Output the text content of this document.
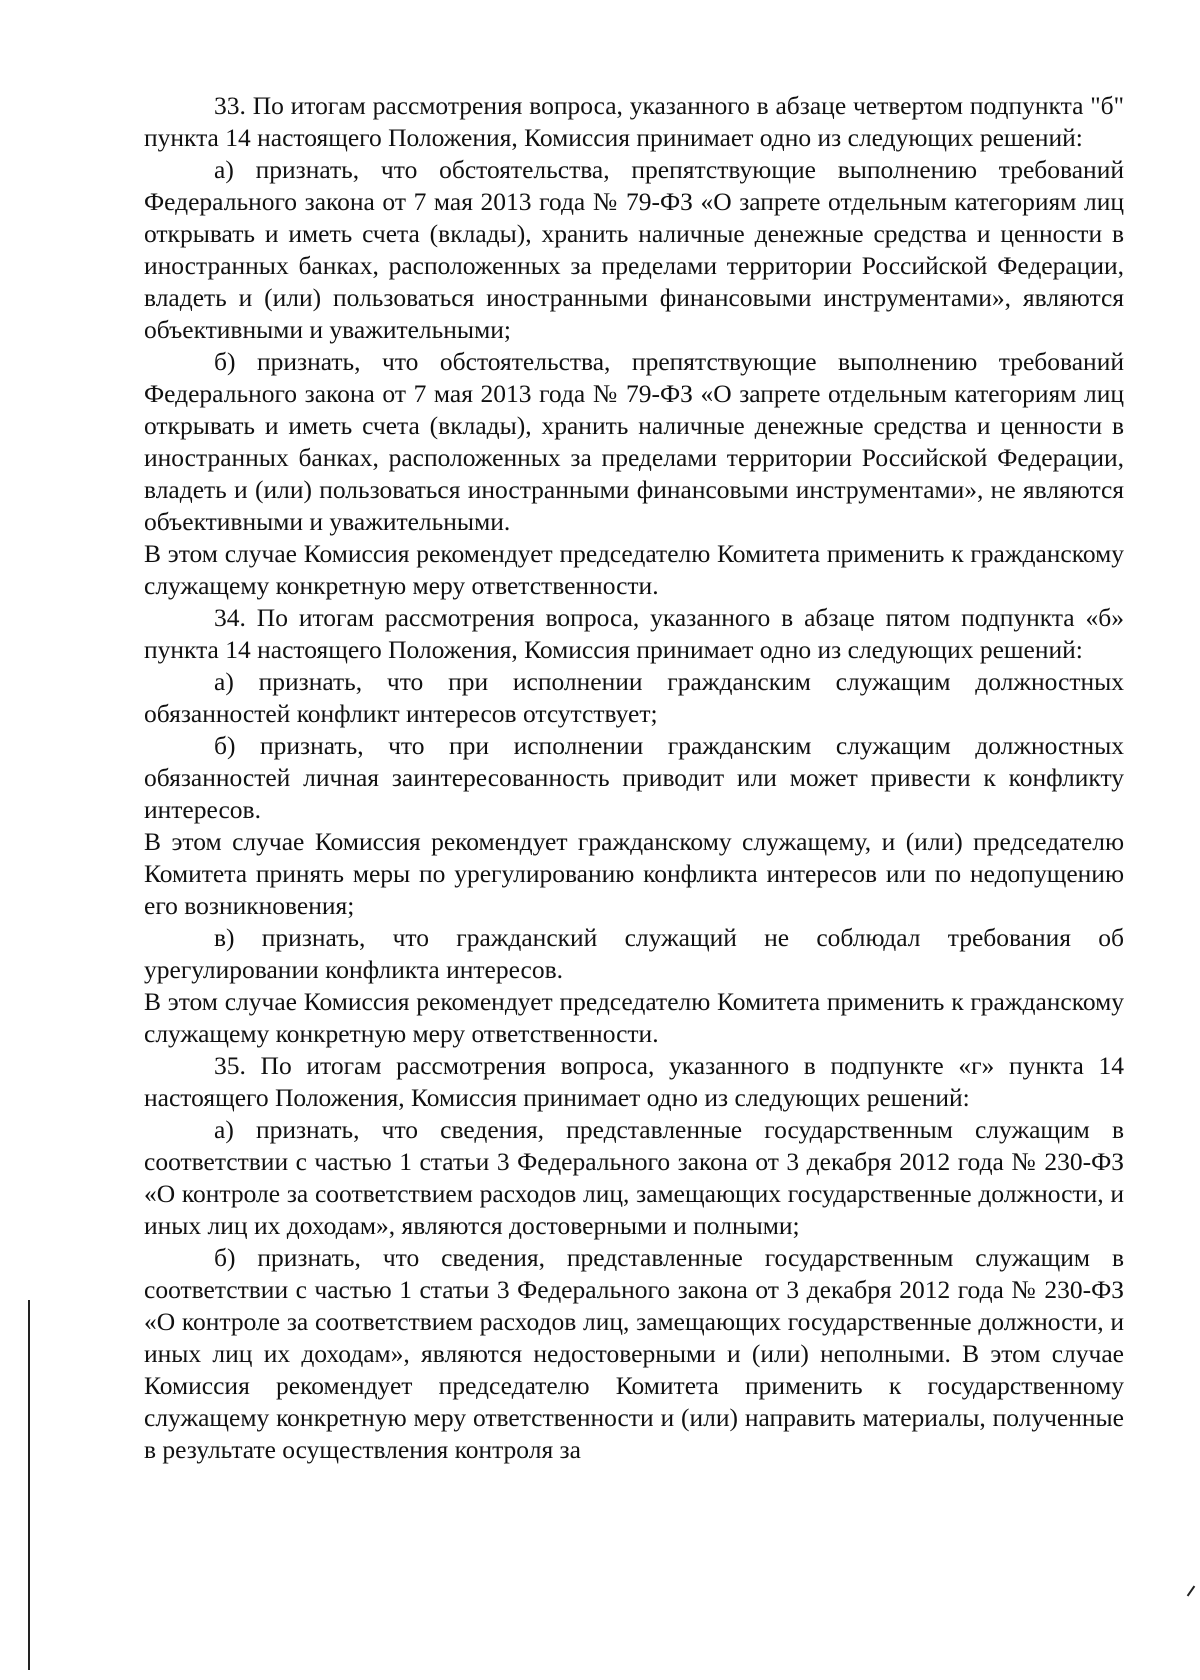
33. По итогам рассмотрения вопроса, указанного в абзаце четвертом подпункта "б" пункта 14 настоящего Положения, Комиссия принимает одно из следующих решений:

а) признать, что обстоятельства, препятствующие выполнению требований Федерального закона от 7 мая 2013 года № 79-ФЗ «О запрете отдельным категориям лиц открывать и иметь счета (вклады), хранить наличные денежные средства и ценности в иностранных банках, расположенных за пределами территории Российской Федерации, владеть и (или) пользоваться иностранными финансовыми инструментами», являются объективными и уважительными;

б) признать, что обстоятельства, препятствующие выполнению требований Федерального закона от 7 мая 2013 года № 79-ФЗ «О запрете отдельным категориям лиц открывать и иметь счета (вклады), хранить наличные денежные средства и ценности в иностранных банках, расположенных за пределами территории Российской Федерации, владеть и (или) пользоваться иностранными финансовыми инструментами», не являются объективными и уважительными.

В этом случае Комиссия рекомендует председателю Комитета применить к гражданскому служащему конкретную меру ответственности.

34. По итогам рассмотрения вопроса, указанного в абзаце пятом подпункта «б» пункта 14 настоящего Положения, Комиссия принимает одно из следующих решений:

а) признать, что при исполнении гражданским служащим должностных обязанностей конфликт интересов отсутствует;

б) признать, что при исполнении гражданским служащим должностных обязанностей личная заинтересованность приводит или может привести к конфликту интересов.

В этом случае Комиссия рекомендует гражданскому служащему, и (или) председателю Комитета принять меры по урегулированию конфликта интересов или по недопущению его возникновения;

в) признать, что гражданский служащий не соблюдал требования об урегулировании конфликта интересов.

В этом случае Комиссия рекомендует председателю Комитета применить к гражданскому служащему конкретную меру ответственности.

35. По итогам рассмотрения вопроса, указанного в подпункте «г» пункта 14 настоящего Положения, Комиссия принимает одно из следующих решений:

а) признать, что сведения, представленные государственным служащим в соответствии с частью 1 статьи 3 Федерального закона от 3 декабря 2012 года № 230-ФЗ «О контроле за соответствием расходов лиц, замещающих государственные должности, и иных лиц их доходам», являются достоверными и полными;

б) признать, что сведения, представленные государственным служащим в соответствии с частью 1 статьи 3 Федерального закона от 3 декабря 2012 года № 230-ФЗ «О контроле за соответствием расходов лиц, замещающих государственные должности, и иных лиц их доходам», являются недостоверными и (или) неполными. В этом случае Комиссия рекомендует председателю Комитета применить к государственному служащему конкретную меру ответственности и (или) направить материалы, полученные в результате осуществления контроля за
